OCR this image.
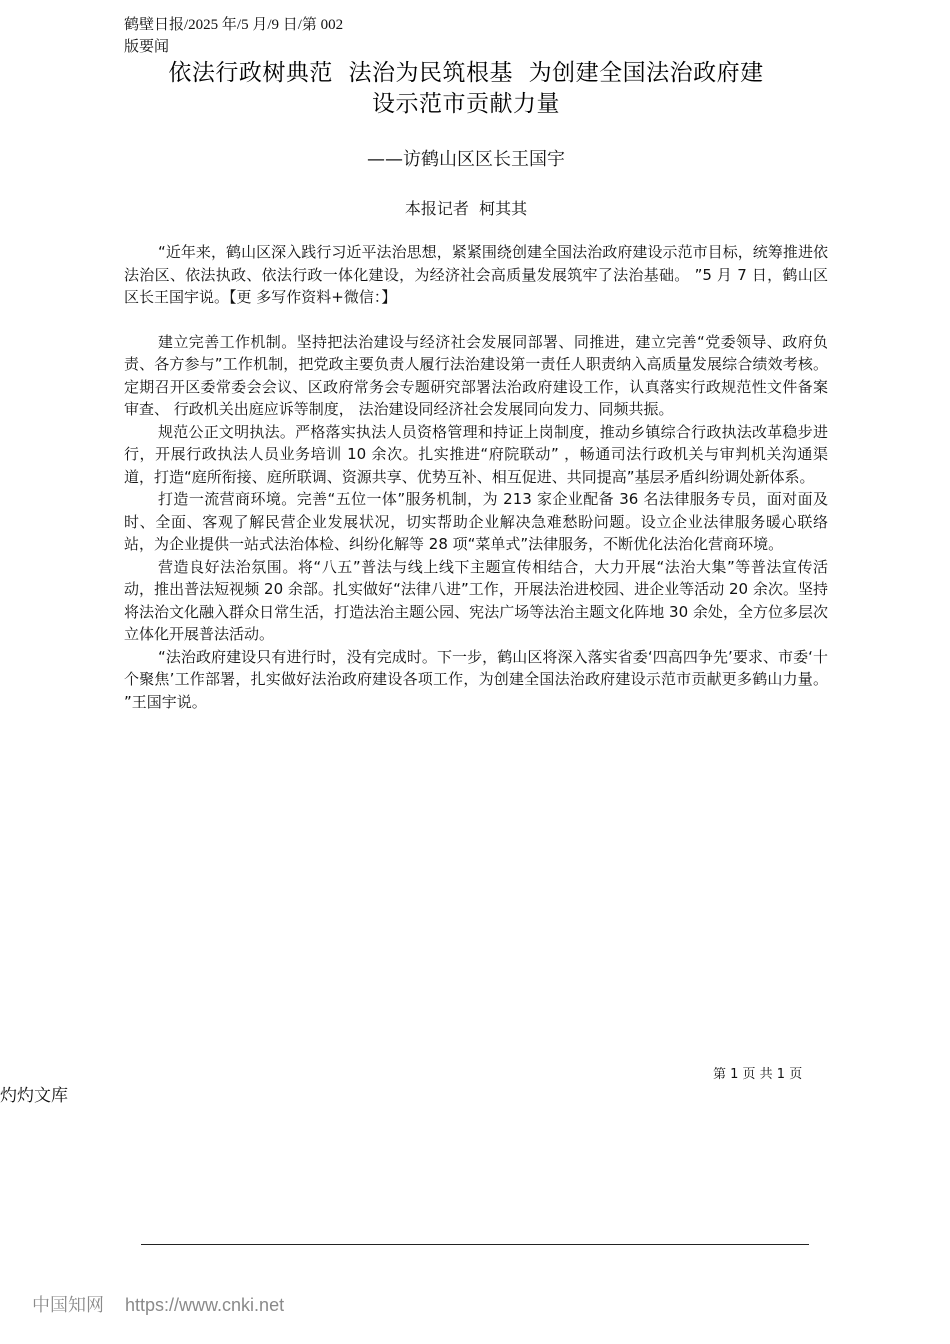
鹤壁日报/2025 年/5 月/9 日/第 002
版要闻
依法行政树典范  法治为民筑根基  为创建全国法治政府建
设示范市贡献力量
——访鹤山区区长王国宇
本报记者  柯其其

“近年来，鹤山区深入践行习近平法治思想，紧紧围绕创建全国法治政府建设示范市目标，统筹推进依法治区、依法执政、依法行政一体化建设，为经济社会高质量发展筑牢了法治基础。 ”5 月 7 日，鹤山区区长王国宇说。【更 多写作资料+微信：】

建立完善工作机制。坚持把法治建设与经济社会发展同部署、同推进，建立完善“党委领导、政府负责、各方参与”工作机制，把党政主要负责人履行法治建设第一责任人职责纳入高质量发展综合绩效考核。定期召开区委常委会会议、区政府常务会专题研究部署法治政府建设工作，认真落实行政规范性文件备案审查、 行政机关出庭应诉等制度， 法治建设同经济社会发展同向发力、同频共振。

规范公正文明执法。严格落实执法人员资格管理和持证上岗制度，推动乡镇综合行政执法改革稳步进行，开展行政执法人员业务培训 10 余次。扎实推进“府院联动” ，畅通司法行政机关与审判机关沟通渠道，打造“庭所衔接、庭所联调、资源共享、优势互补、相互促进、共同提高”基层矛盾纠纷调处新体系。

打造一流营商环境。完善“五位一体”服务机制，为 213 家企业配备 36 名法律服务专员，面对面及时、全面、客观了解民营企业发展状况，切实帮助企业解决急难愁盼问题。设立企业法律服务暖心联络站，为企业提供一站式法治体检、纠纷化解等 28 项“菜单式”法律服务，不断优化法治化营商环境。

营造良好法治氛围。将“八五”普法与线上线下主题宣传相结合，大力开展“法治大集”等普法宣传活动，推出普法短视频 20 余部。扎实做好“法律八进”工作，开展法治进校园、进企业等活动 20 余次。坚持将法治文化融入群众日常生活，打造法治主题公园、宪法广场等法治主题文化阵地 30 余处，全方位多层次立体化开展普法活动。

“法治政府建设只有进行时，没有完成时。下一步，鹤山区将深入落实省委‘四高四争先’要求、市委‘十个聚焦’工作部署，扎实做好法治政府建设各项工作，为创建全国法治政府建设示范市贡献更多鹤山力量。 ”王国宇说。

第 1 页 共 1 页
灼灼文库
中国知网 https://www.cnki.net
